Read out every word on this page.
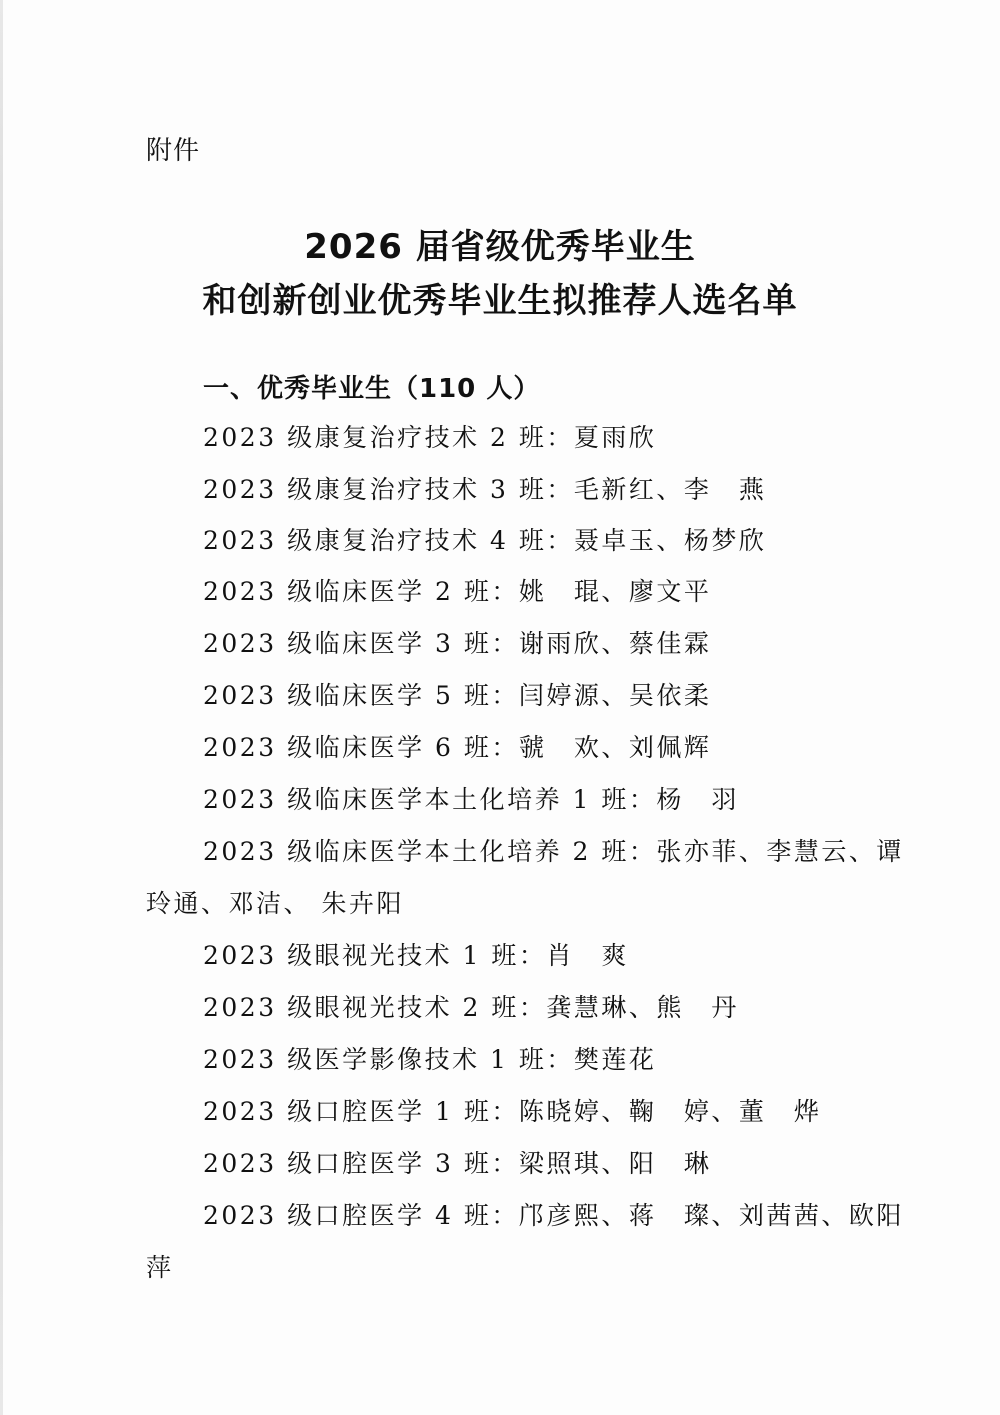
附件
2026 届省级优秀毕业生
和创新创业优秀毕业生拟推荐人选名单
一、优秀毕业生（110 人）
2023 级康复治疗技术 2 班：夏雨欣
2023 级康复治疗技术 3 班：毛新红、李　燕
2023 级康复治疗技术 4 班：聂卓玉、杨梦欣
2023 级临床医学 2 班：姚　琨、廖文平
2023 级临床医学 3 班：谢雨欣、蔡佳霖
2023 级临床医学 5 班：闫婷源、吴依柔
2023 级临床医学 6 班：虢　欢、刘佩辉
2023 级临床医学本土化培养 1 班：杨　羽
2023 级临床医学本土化培养 2 班：张亦菲、李慧云、谭
玲通、邓洁、 朱卉阳
2023 级眼视光技术 1 班：肖　爽
2023 级眼视光技术 2 班：龚慧琳、熊　丹
2023 级医学影像技术 1 班：樊莲花
2023 级口腔医学 1 班：陈晓婷、鞠　婷、董　烨
2023 级口腔医学 3 班：梁照琪、阳　琳
2023 级口腔医学 4 班：邝彦熙、蒋　璨、刘茜茜、欧阳
萍
